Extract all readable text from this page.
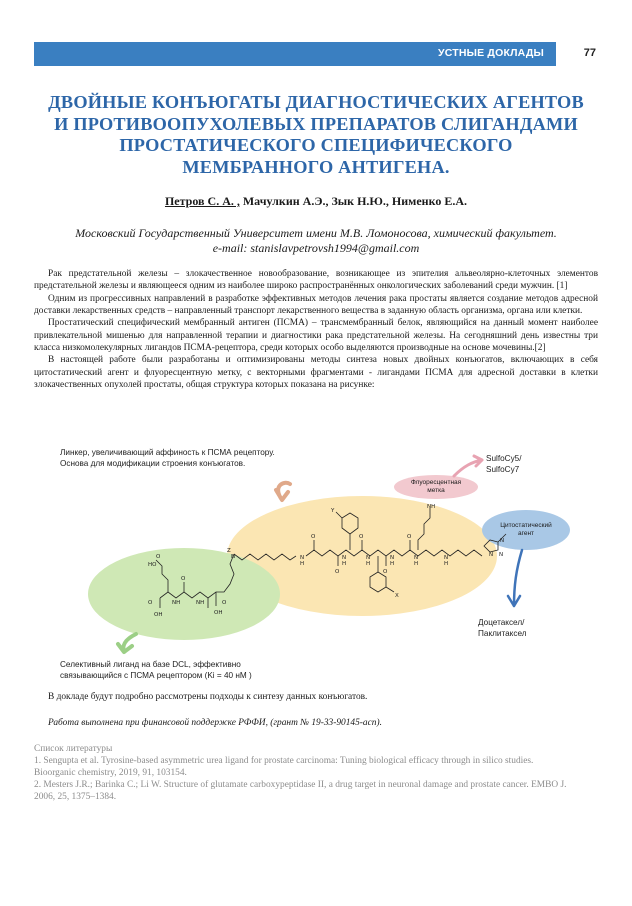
УСТНЫЕ ДОКЛАДЫ	77
ДВОЙНЫЕ КОНЪЮГАТЫ ДИАГНОСТИЧЕСКИХ АГЕНТОВ
И ПРОТИВООПУХОЛЕВЫХ ПРЕПАРАТОВ СЛИГАНДАМИ
ПРОСТАТИЧЕСКОГО СПЕЦИФИЧЕСКОГО
МЕМБРАННОГО АНТИГЕНА.
Петров С. А. , Мачулкин А.Э., Зык Н.Ю., Нименко Е.А.
Московский Государственный Университет имени М.В. Ломоносова, химический факультет.
e-mail: stanislavpetrovsh1994@gmail.com

Рак предстательной железы – злокачественное новообразование, возникающее из эпителия альвеолярно-клеточных элементов предстательной железы и являющееся одним из наиболее широко распространённых онкологических заболеваний среди мужчин. [1]

Одним из прогрессивных направлений в разработке эффективных методов лечения рака простаты является создание методов адресной доставки лекарственных средств – направленный транспорт лекарственного вещества в заданную область организма, органа или клетки.

Простатический специфический мембранный антиген (ПСМА) – трансмембранный белок, являющийся на данный момент наиболее привлекательной мишенью для направленной терапии и диагностики рака предстательной железы. На сегодняшний день известны три класса низкомолекулярных лигандов ПСМА-рецептора, среди которых особо выделяются производные на основе мочевины.[2]

В настоящей работе были разработаны и оптимизированы методы синтеза новых двойных конъюгатов, включающих в себя цитостатический агент и флуоресцентную метку, с векторными фрагментами - лигандами ПСМА для адресной доставки в клетки злокачественных опухолей простаты, общая структура которых показана на рисунке:

Y
X
Z
N
NH
N
H
N
H
N
H
N
H
N
H
N
H
N N
N
O
O
O
O
O
HO
O
O
NH	NH
OH
O
OH
O
Линкер, увеличивающий аффиность к ПСМА рецептору.
Основа для модификации строения конъюгатов.	SulfoCy5/
SulfoCy7
Флуоресцентная
метка
Цитостатический
агент
Доцетаксел/
Паклитаксел
Селективный лиганд на базе DCL, эффективно
связывающийся с ПСМА рецептором (Ki = 40 нМ )
В докладе будут подробно рассмотрены подходы к синтезу данных конъюгатов.
Работа выполнена при финансовой поддержке РФФИ, (грант № 19-33-90145-асп).
Список литературы
1. Sengupta et al. Tyrosine-based asymmetric urea ligand for prostate carcinoma: Tuning biological efficacy through in silico studies. Bioorganic chemistry, 2019, 91, 103154.
2. Mesters J.R.; Barinka C.; Li W. Structure of glutamate carboxypeptidase II, a drug target in neuronal damage and prostate cancer. EMBO J. 2006, 25, 1375–1384.
